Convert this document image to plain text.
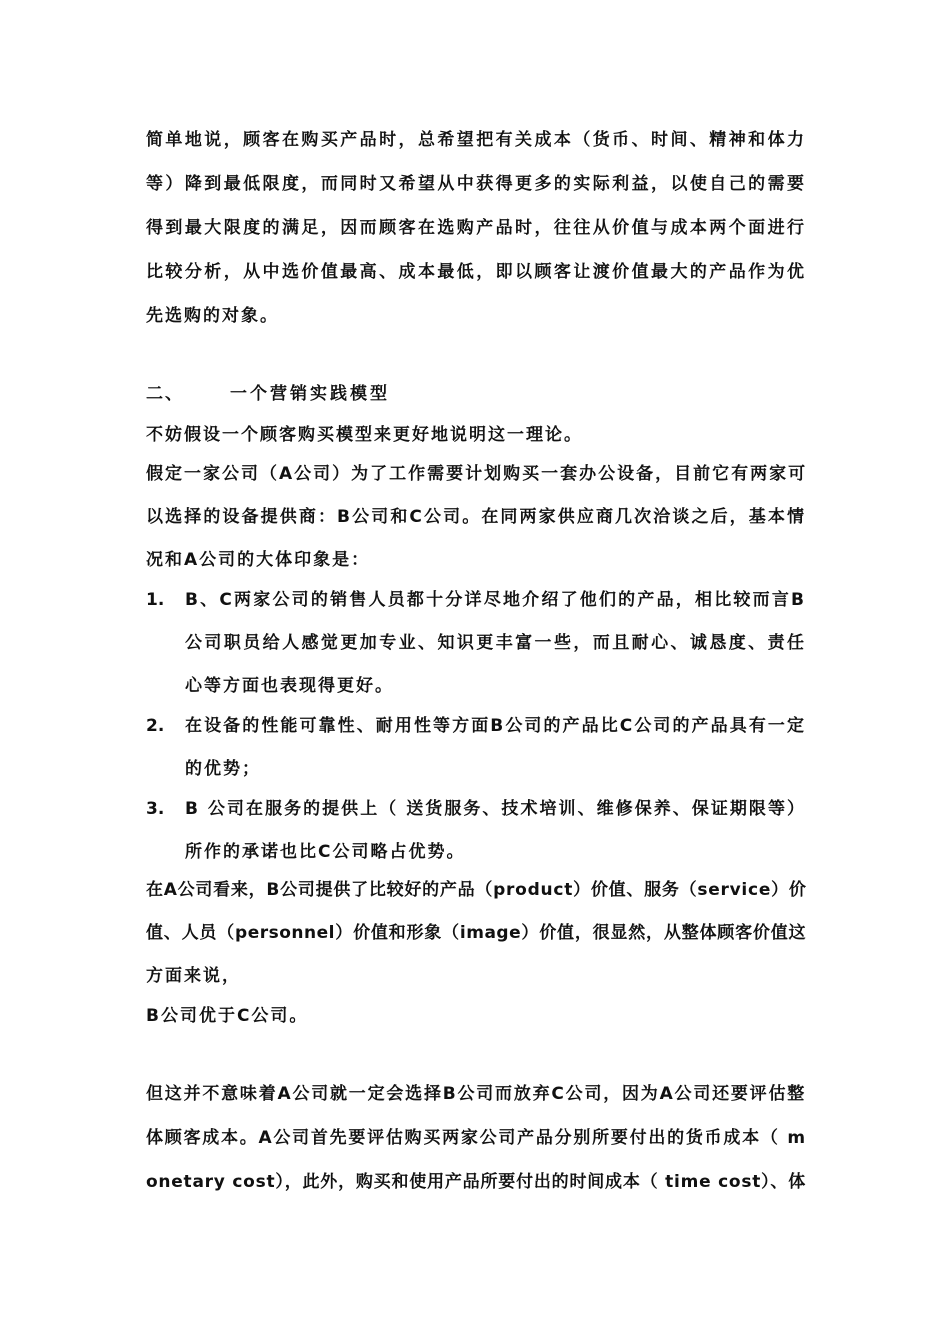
简单地说，顾客在购买产品时，总希望把有关成本（货币、时间、精神和体力
等）降到最低限度，而同时又希望从中获得更多的实际利益，以使自己的需要
得到最大限度的满足，因而顾客在选购产品时，往往从价值与成本两个面进行
比较分析，从中选价值最高、成本最低，即以顾客让渡价值最大的产品作为优
先选购的对象。
二、	一个营销实践模型
不妨假设一个顾客购买模型来更好地说明这一理论。
假定一家公司（A公司）为了工作需要计划购买一套办公设备，目前它有两家可
以选择的设备提供商：B公司和C公司。在同两家供应商几次洽谈之后，基本情
况和A公司的大体印象是：
1. B、C两家公司的销售人员都十分详尽地介绍了他们的产品，相比较而言B
公司职员给人感觉更加专业、知识更丰富一些，而且耐心、诚恳度、责任
心等方面也表现得更好。
2. 在设备的性能可靠性、耐用性等方面B公司的产品比C公司的产品具有一定
的优势；
3. B 公司在服务的提供上（ 送货服务、技术培训、维修保养、保证期限等）
所作的承诺也比C公司略占优势。
在A公司看来，B公司提供了比较好的产品（product）价值、服务（service）价
值、人员（personnel）价值和形象（image）价值，很显然，从整体顾客价值这
方面来说，
B公司优于C公司。
但这并不意味着A公司就一定会选择B公司而放弃C公司，因为A公司还要评估整
体顾客成本。A公司首先要评估购买两家公司产品分别所要付出的货币成本（ m
onetary cost），此外，购买和使用产品所要付出的时间成本（ time cost）、体
